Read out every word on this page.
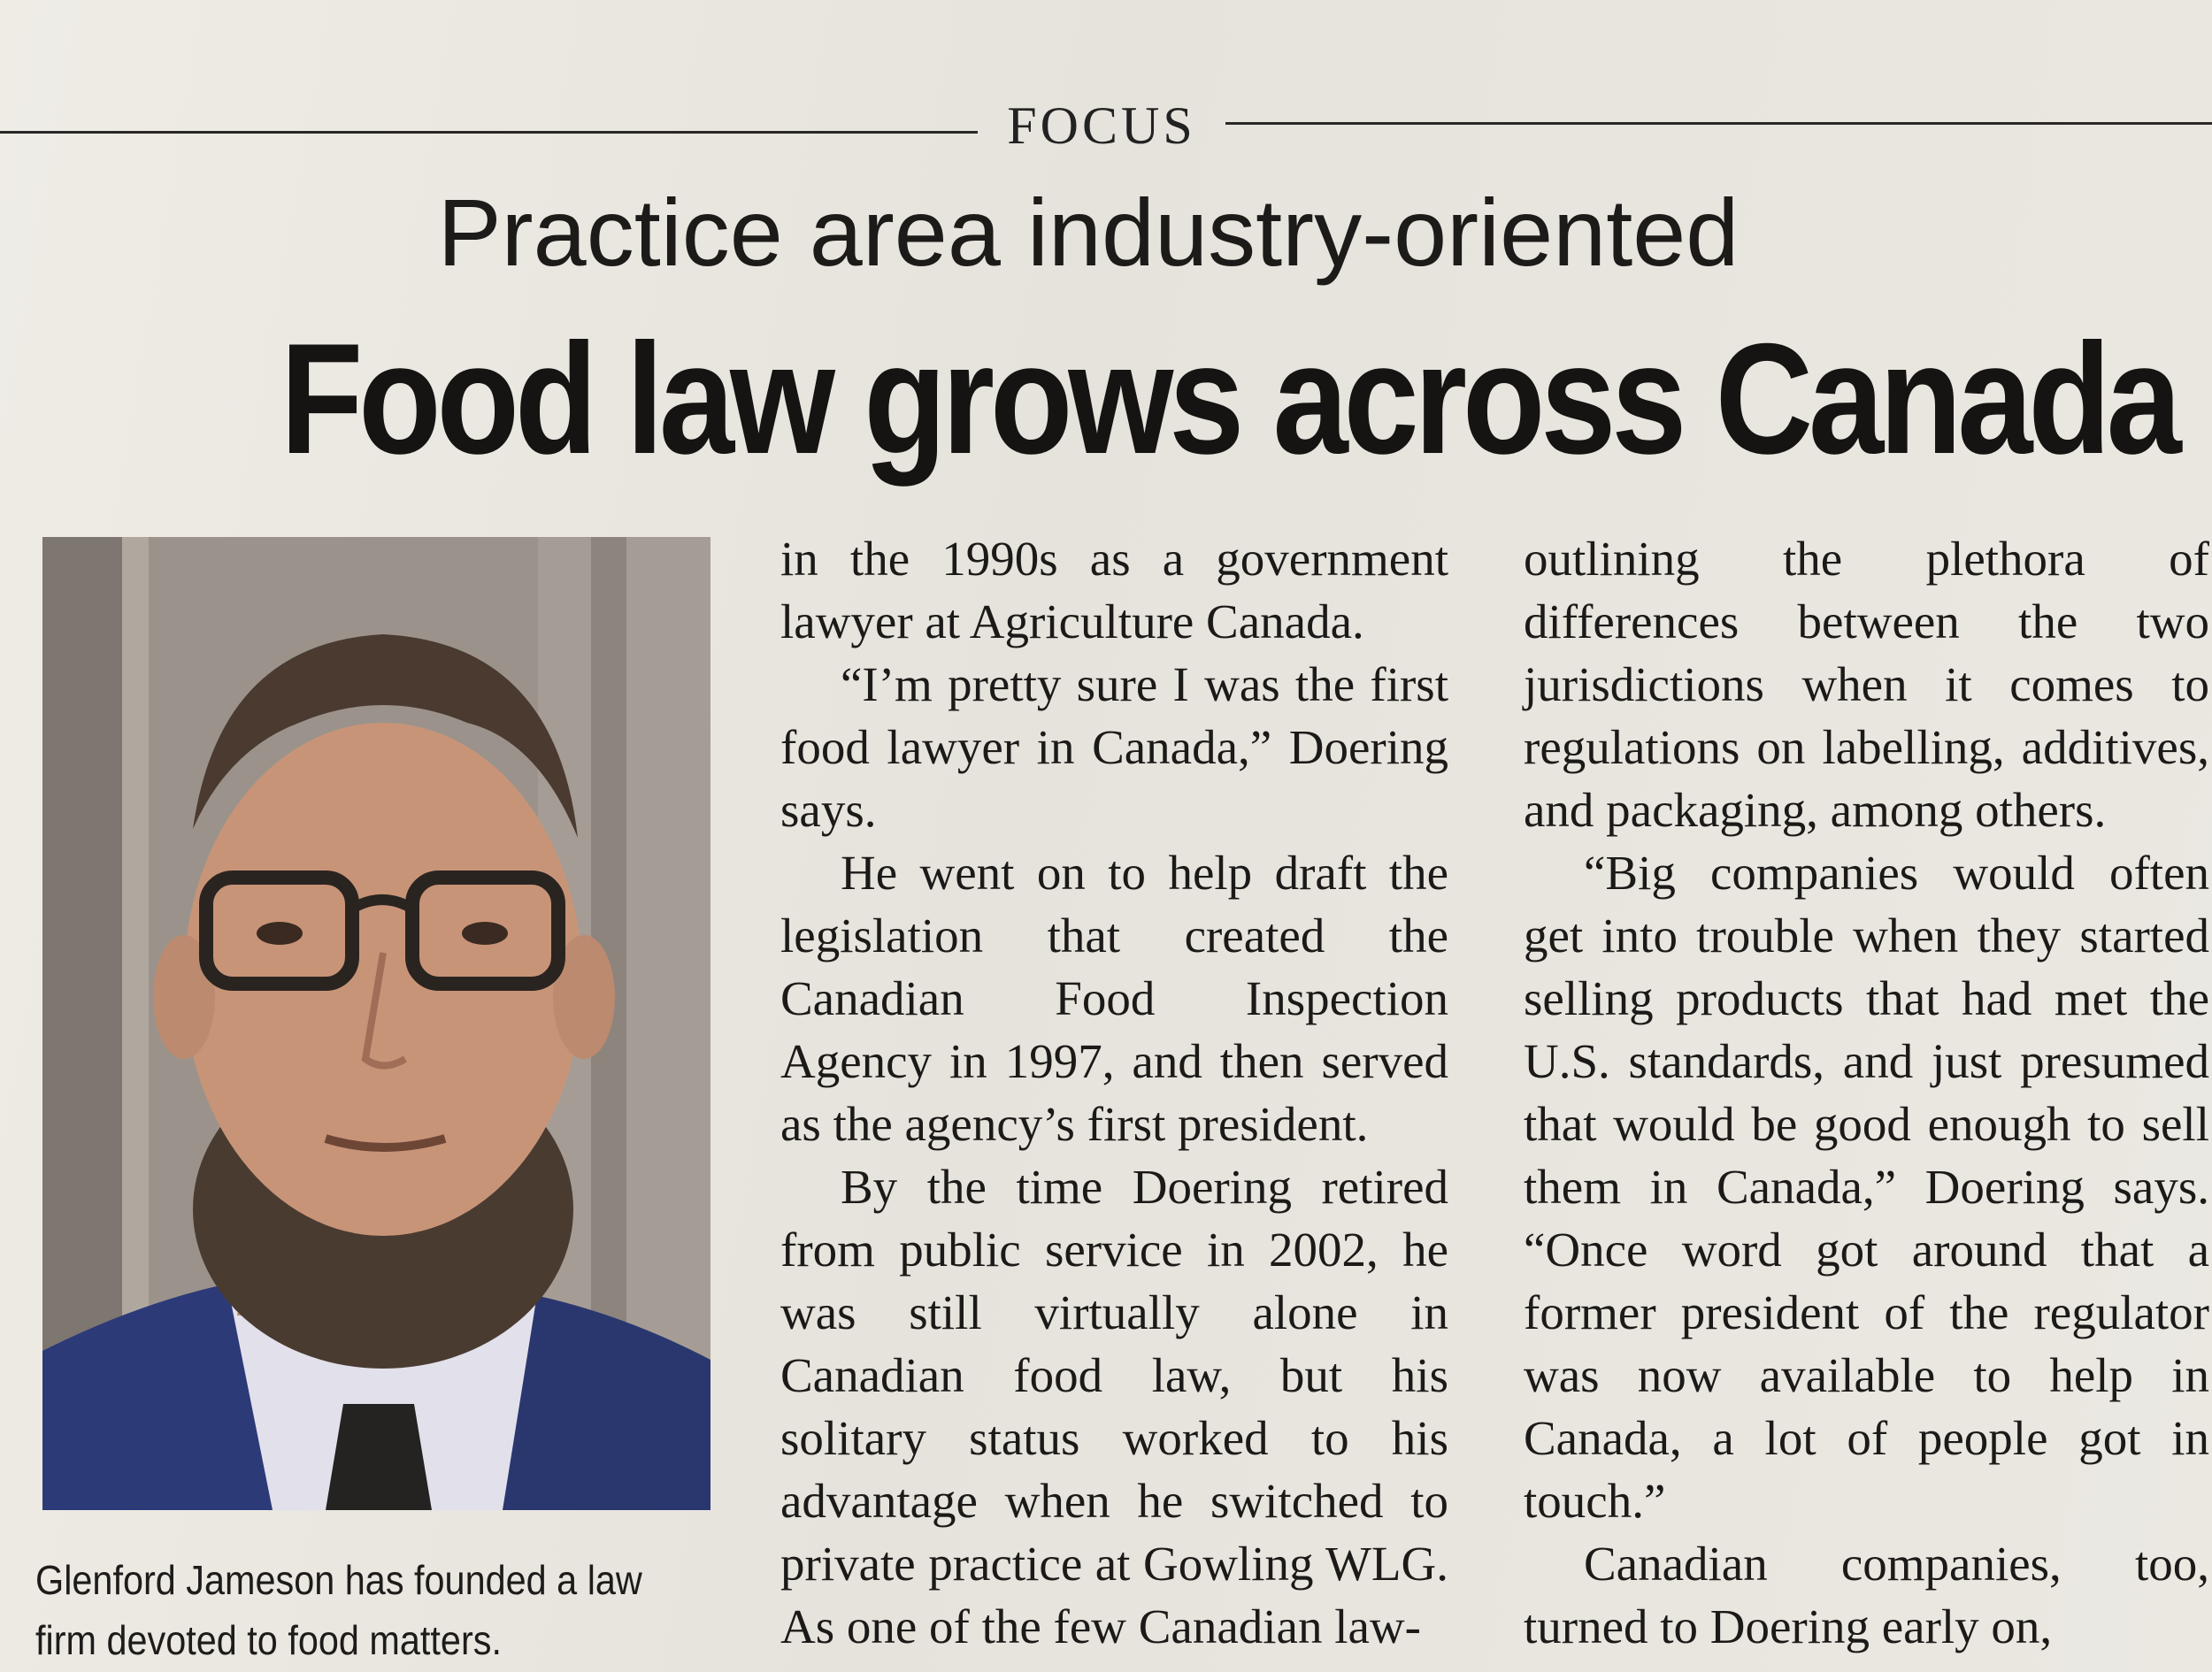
FOCUS
Practice area industry-oriented
Food law grows across Canada
Glenford Jameson has founded a law firm devoted to food matters.

in the 1990s as a government lawyer at Agriculture Canada.

“I’m pretty sure I was the first food lawyer in Canada,” Doering says.

He went on to help draft the legislation that created the Canadian Food Inspection Agency in 1997, and then served as the agency’s first president.

By the time Doering retired from public service in 2002, he was still virtually alone in Canadian food law, but his solitary status worked to his advantage when he switched to private practice at Gowling WLG. As one of the few Canadian law-

outlining the plethora of differences between the two jurisdictions when it comes to regulations on labelling, additives, and packaging, among others.

“Big companies would often get into trouble when they started selling products that had met the U.S. standards, and just presumed that would be good enough to sell them in Canada,” Doering says. “Once word got around that a former president of the regulator was now available to help in Canada, a lot of people got in touch.”

Canadian companies, too, turned to Doering early on,
